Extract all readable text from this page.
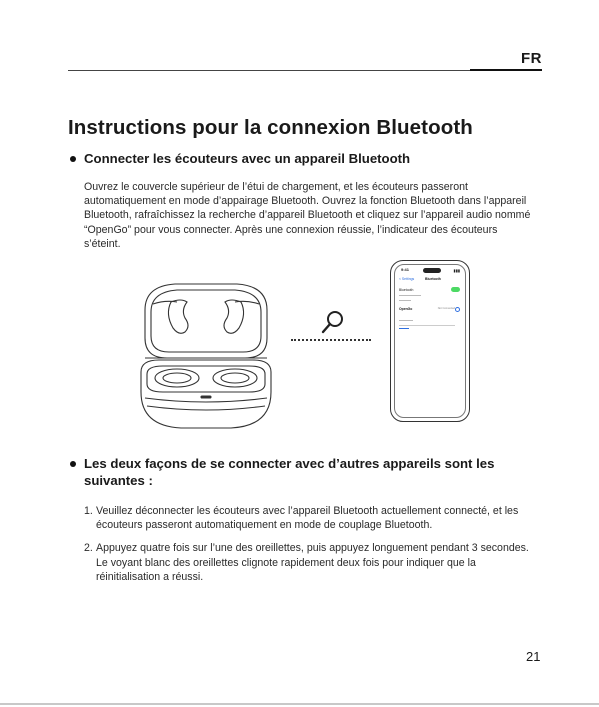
FR
Instructions pour la connexion Bluetooth
Connecter les écouteurs avec un appareil Bluetooth

Ouvrez le couvercle supérieur de l’étui de chargement, et les écouteurs passeront automatiquement en mode d’appairage Bluetooth. Ouvrez la fonction Bluetooth dans l’appareil Bluetooth, rafraîchissez la recherche d’appareil Bluetooth et cliquez sur l’appareil audio nommé “OpenGo” pour vous connecter. Après une connexion réussie, l’indicateur des écouteurs s’éteint.

9:41	▮▮▮
< Settings	Bluetooth
Bluetooth
OpenGo	Not Connected
Les deux façons de se connecter avec d’autres appareils sont les suivantes :
1. Veuillez déconnecter les écouteurs avec l’appareil Bluetooth actuellement connecté, et les écouteurs passeront automatiquement en mode de couplage Bluetooth.
2. Appuyez quatre fois sur l’une des oreillettes, puis appuyez longuement pendant 3 secondes. Le voyant blanc des oreillettes clignote rapidement deux fois pour indiquer que la réinitialisation a réussi.
21
